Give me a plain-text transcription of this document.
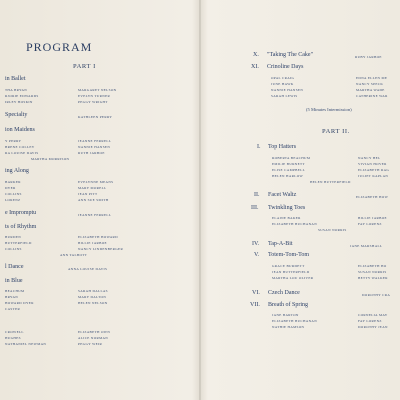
PROGRAM
PART I
in Ballet
THA BRYAN	MARGARET NELSON
RJORIE EDWARDS	EVELYN TURNER
IRLEY HOSKIN	PEGGY WRIGHT
Specialty	KATHLEEN PERRY
ion Maidens
Y PERRY	JEANNE FERRELL
BRENE COLLEY	NANNIE HANSEN
RA LOUISE DAVIS	RUTH JARBOE
MARTHA MORRISON
ing Along
BARKER	EVELYNNE MEANS
DYER	MARY MORELL
COLLINS	JEAN PITT
LORENZ	ANN SUE SMITH
e Impromptu	JEANNE FERRELL
ts of Rhythm
BURDEN	ELIZABETH HOWARD
BUTTERFIELD	BILLIE JARBOE
COLLINS	NANCY LINDENBERGER
ANN TALBOTT
l Dance	ANNA LOUISE DAVIS
in Blue
BEACHUM	SARAH DALLAS
BRYAN	MARY DALTON
HOWARD DYER	HELEN NELSON
CASTER
CROWELL	ELIZABETH OWN
HUGHES	ALICE NORMAN
NATHANIEL NEWMAN	PEGGY WEIR
X. "Taking The Cake"	RUBY JARBOE
XI. Crinoline Days
OPAL CRAIG	EDNA ELLEN ME
JUNE HAWK	NANCY SPECK
NANNIE HANSEN	MARTHA WADE
SARAH LEWIS	CATHERINE WAR
(5 Minutes Intermission)
PART II.
I. Top Hatters
ROBERTA BEACHUM	NANCY HEL
EMILIE BURNETT	VIVIAN HOVER
ELISE CAMPBELL	ELIZABETH RAG
HELEN HARLOW	JULIET KAPLAN
HELEN BUTTERFIELD
II. Facet Waltz	ELIZABETH HOW
III. Twinkling Toes
ELAINE BAKER	BILLIE JARBOE
ELIZABETH BUCHANAN	FAY LORENZ
SUSAN NORRIS
IV. Tap-A-Bit	JANE MARSHALL
V. Totem-Tom-Tom
GRACE BURDETT	ELIZABETH HO
JEAN BUTTERFIELD	SUSAN NORRIS
MARTHA LOU OLIVER	BETTY WALKER
VI. Czech Dance	DOROTHY CRA
VII. Breath of Spring
JANE BARTON	CORNELIA MAY
ELIZABETH BUCHANAN	FAY LORENZ
NATHIE HAMSON	DOROTHY JEAN
